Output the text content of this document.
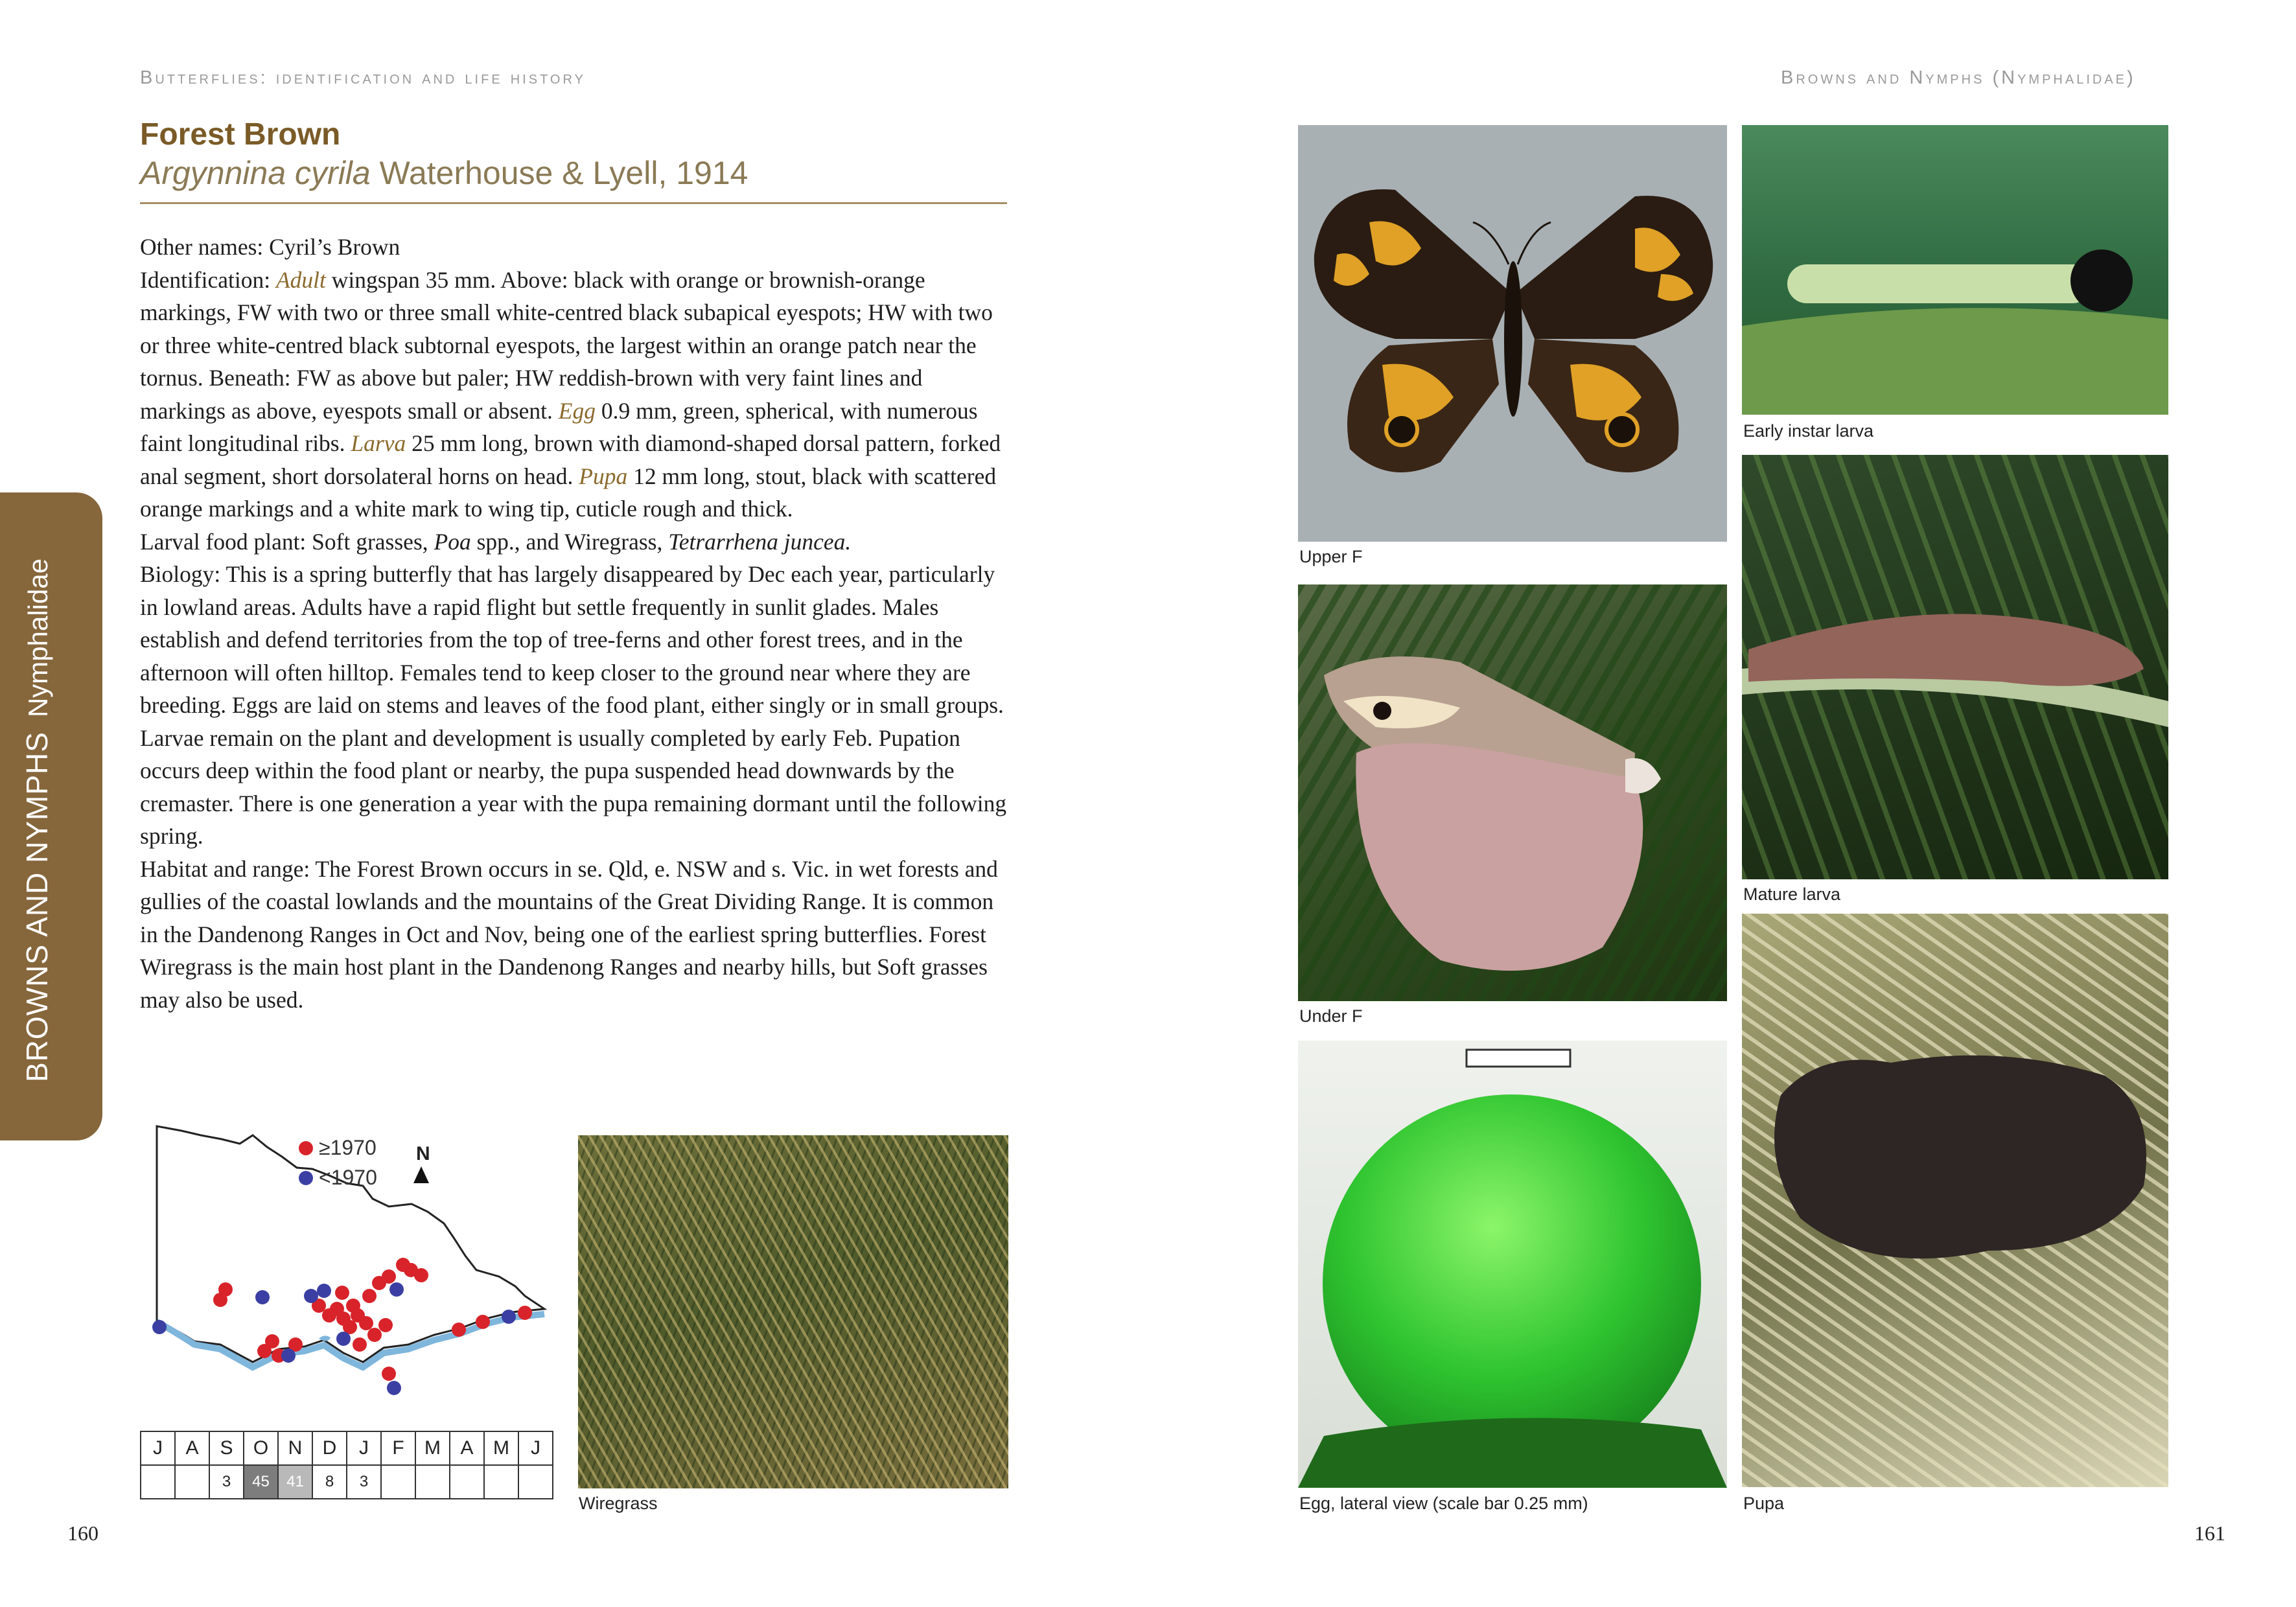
Butterflies: identification and life history	Browns and Nymphs (Nymphalidae)
Forest Brown
Argynnina cyrila Waterhouse & Lyell, 1914

Other names: Cyril’s Brown

Identification: Adult wingspan 35 mm. Above: black with orange or brownish-orange markings, FW with two or three small white-centred black subapical eyespots; HW with two or three white-centred black subtornal eyespots, the largest within an orange patch near the tornus. Beneath: FW as above but paler; HW reddish-brown with very faint lines and markings as above, eyespots small or absent. Egg 0.9 mm, green, spherical, with numerous faint longitudinal ribs. Larva 25 mm long, brown with diamond-shaped dorsal pattern, forked anal segment, short dorsolateral horns on head. Pupa 12 mm long, stout, black with scattered orange markings and a white mark to wing tip, cuticle rough and thick.

Larval food plant: Soft grasses, Poa spp., and Wiregrass, Tetrarrhena juncea.

Biology: This is a spring butterfly that has largely disappeared by Dec each year, particularly in lowland areas. Adults have a rapid flight but settle frequently in sunlit glades. Males establish and defend territories from the top of tree-ferns and other forest trees, and in the afternoon will often hilltop. Females tend to keep closer to the ground near where they are breeding. Eggs are laid on stems and leaves of the food plant, either singly or in small groups. Larvae remain on the plant and development is usually completed by early Feb. Pupation occurs deep within the food plant or nearby, the pupa suspended head downwards by the cremaster. There is one generation a year with the pupa remaining dormant until the following spring.

Habitat and range: The Forest Brown occurs in se. Qld, e. NSW and s. Vic. in wet forests and gullies of the coastal lowlands and the mountains of the Great Dividing Range. It is common in the Dandenong Ranges in Oct and Nov, being one of the earliest spring butterflies. Forest Wiregrass is the main host plant in the Dandenong Ranges and nearby hills, but Soft grasses may also be used.

BROWNS AND NYMPHSNymphalidae
≥1970
<1970
N
J	A	S	O	N	D	J	F	M	A	M	J
		3	45	41	8	3					
Wiregrass
160
Upper F
Under F
Egg, lateral view (scale bar 0.25 mm)
Early instar larva
Mature larva
Pupa
161
